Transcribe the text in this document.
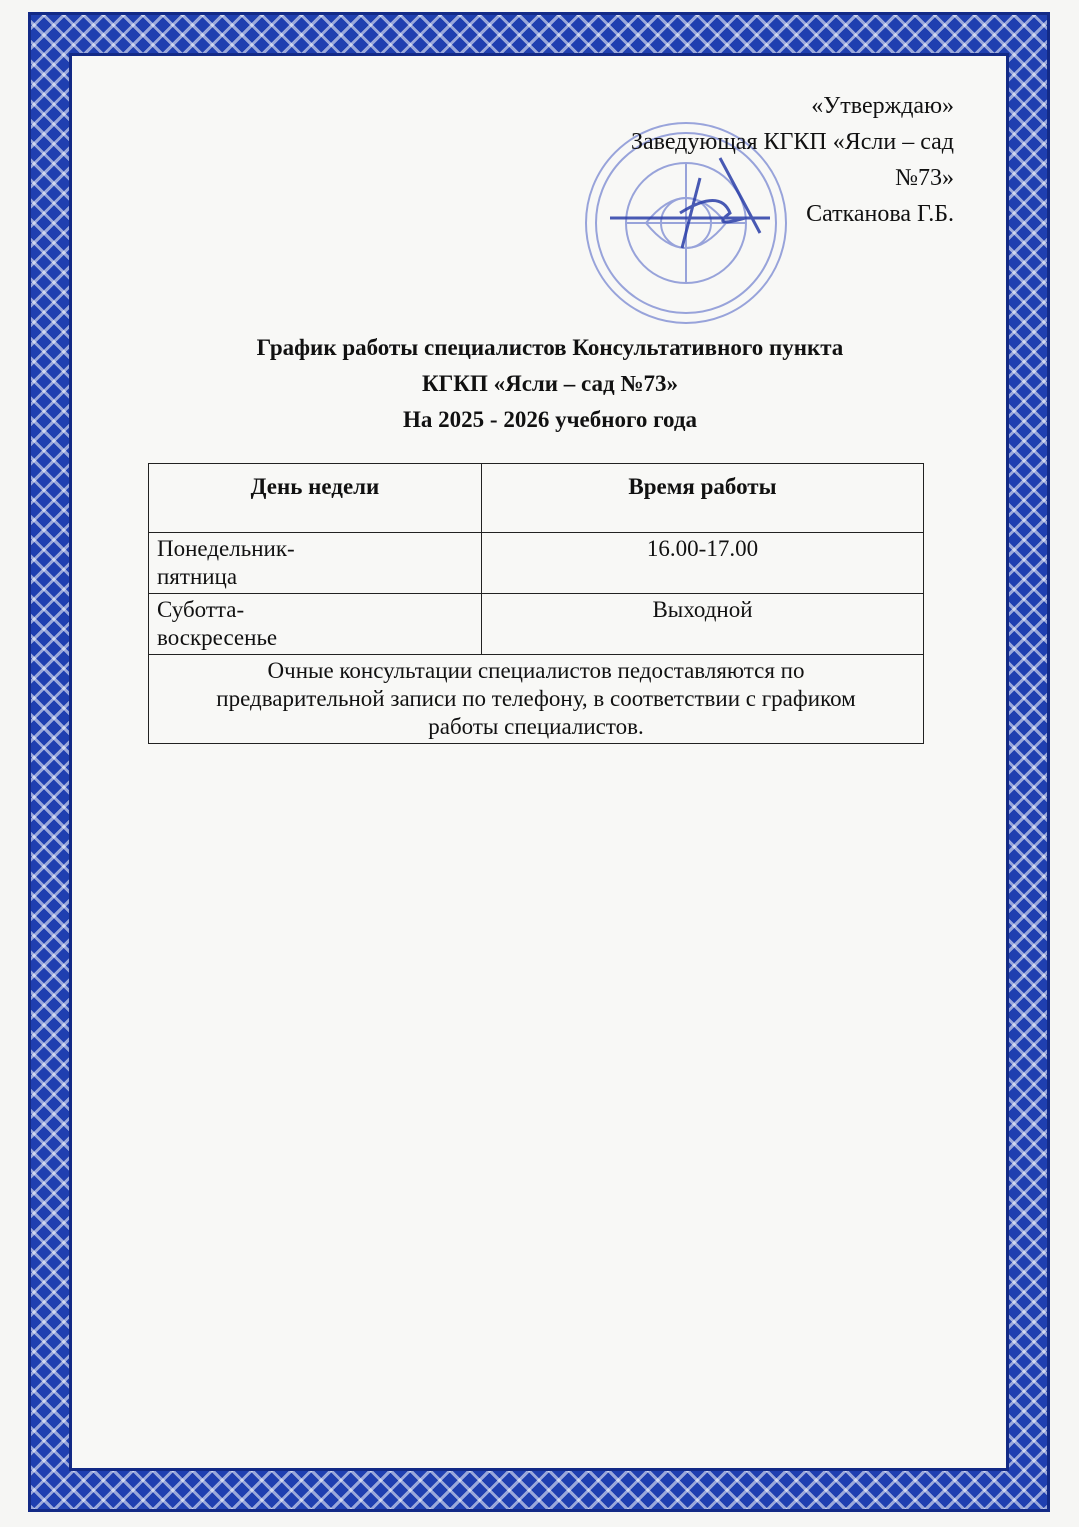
«Утверждаю»
Заведующая КГКП «Ясли – сад
№73»
Сатканова Г.Б.
График работы специалистов Консультативного пункта
КГКП «Ясли – сад №73»
На 2025 - 2026 учебного года
День недели	Время работы

Понедельник-
пятница	16.00-17.00

Суботта-
воскресенье	Выходной

Очные консультации специалистов педоставляются по
предварительной записи по телефону, в соответствии с графиком
работы специалистов.	
